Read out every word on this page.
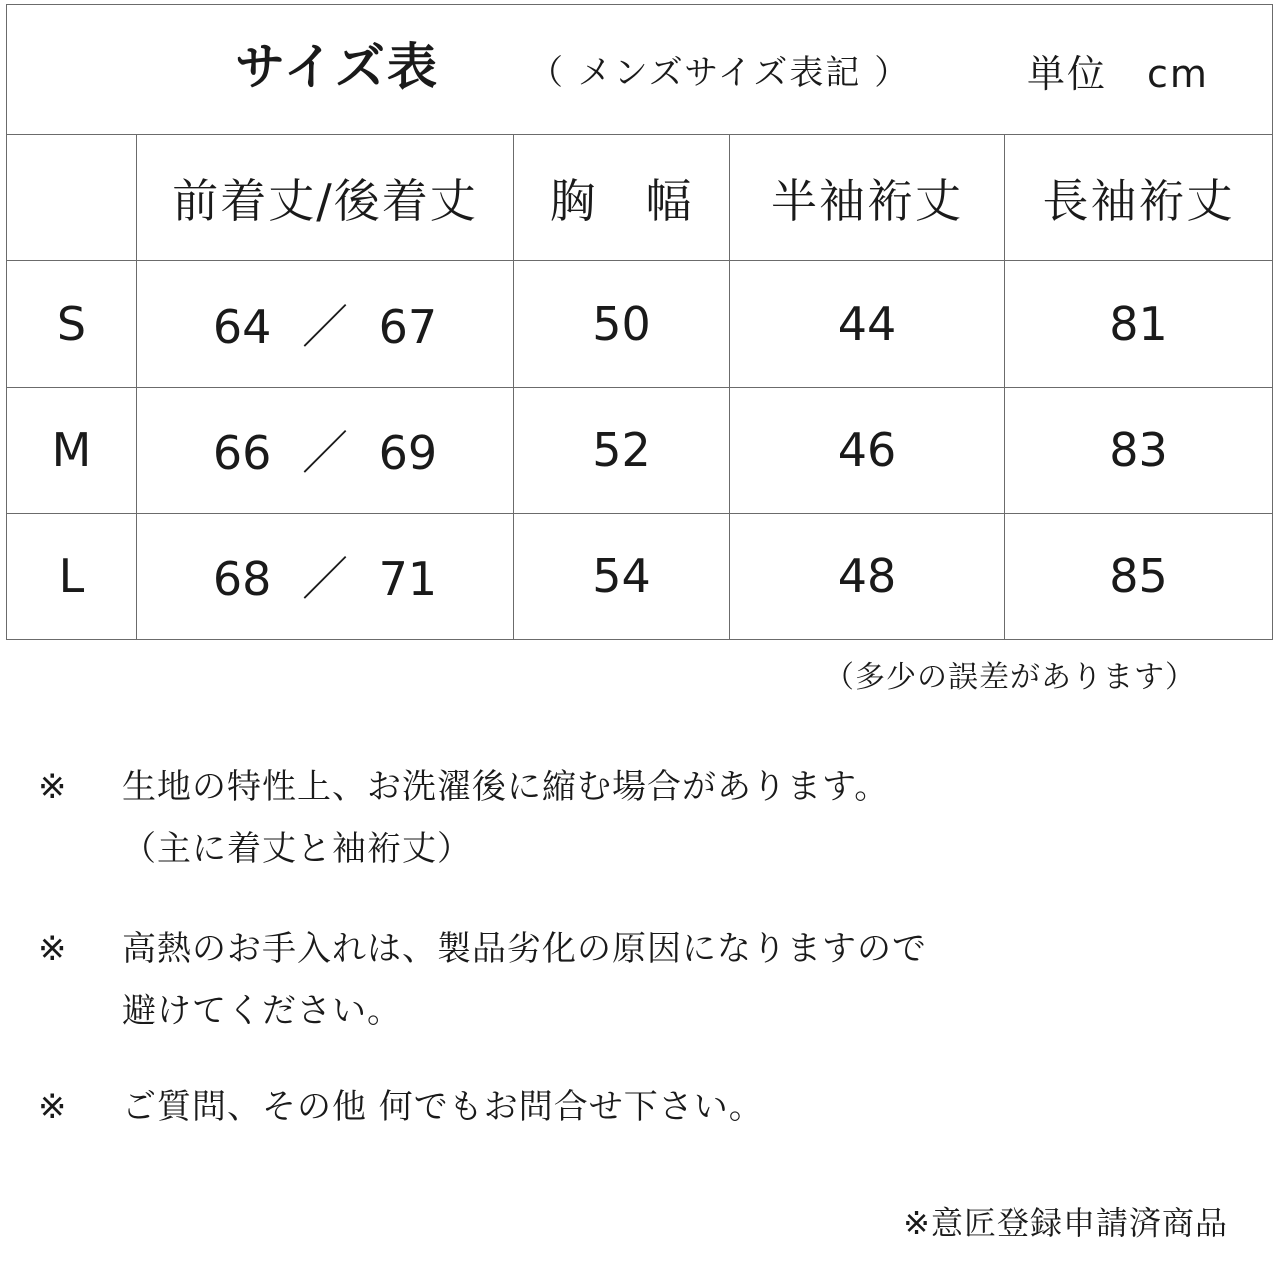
サイズ表 （ メンズサイズ表記 ） 単位　cm				

	前着丈/後着丈	胸　幅	半袖裄丈	長袖裄丈
S	64 ／ 67	50	44	81
M	66 ／ 69	52	46	83
L	68 ／ 71	54	48	85
（多少の誤差があります）
※ 生地の特性上、お洗濯後に縮む場合があります。
（主に着丈と袖裄丈）
※ 高熱のお手入れは、製品劣化の原因になりますので
避けてください。
※ ご質問、その他 何でもお問合せ下さい。
※意匠登録申請済商品
